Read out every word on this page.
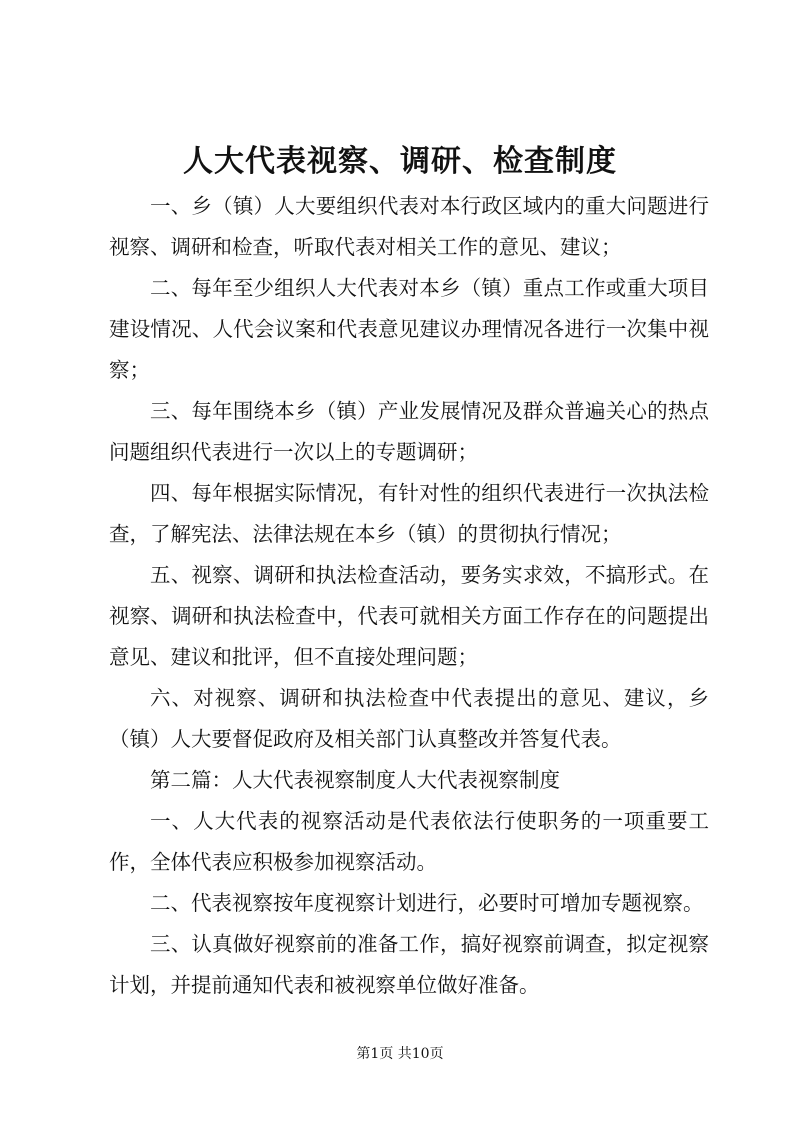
人大代表视察、调研、检查制度

一、乡（镇）人大要组织代表对本行政区域内的重大问题进行视察、调研和检查，听取代表对相关工作的意见、建议；

二、每年至少组织人大代表对本乡（镇）重点工作或重大项目建设情况、人代会议案和代表意见建议办理情况各进行一次集中视察；

三、每年围绕本乡（镇）产业发展情况及群众普遍关心的热点问题组织代表进行一次以上的专题调研；

四、每年根据实际情况，有针对性的组织代表进行一次执法检查，了解宪法、法律法规在本乡（镇）的贯彻执行情况；

五、视察、调研和执法检查活动，要务实求效，不搞形式。在视察、调研和执法检查中，代表可就相关方面工作存在的问题提出意见、建议和批评，但不直接处理问题；

六、对视察、调研和执法检查中代表提出的意见、建议，乡（镇）人大要督促政府及相关部门认真整改并答复代表。

第二篇：人大代表视察制度人大代表视察制度

一、人大代表的视察活动是代表依法行使职务的一项重要工作，全体代表应积极参加视察活动。

二、代表视察按年度视察计划进行，必要时可增加专题视察。

三、认真做好视察前的准备工作，搞好视察前调查，拟定视察计划，并提前通知代表和被视察单位做好准备。

第1页 共10页
